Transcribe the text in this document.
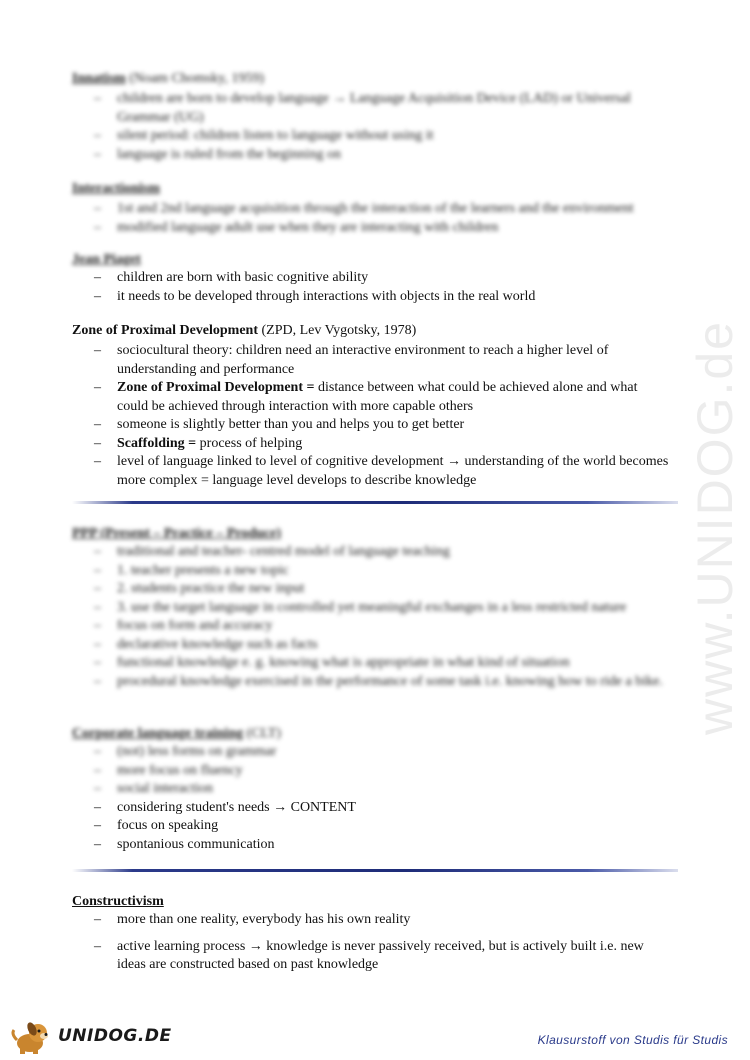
www.UNIDOG.de
Innatism (Noam Chomsky, 1959)
– children are born to develop language → Language Acquisition Device (LAD) or Universal Grammar (UG)
– silent period: children listen to language without using it
– language is ruled from the beginning on
Interactionism
– 1st and 2nd language acquisition through the interaction of the learners and the environment
– modified language adult use when they are interacting with children
Jean Piaget
– children are born with basic cognitive ability
– it needs to be developed through interactions with objects in the real world
Zone of Proximal Development (ZPD, Lev Vygotsky, 1978)
– sociocultural theory: children need an interactive environment to reach a higher level of understanding and performance
– Zone of Proximal Development = distance between what could be achieved alone and what could be achieved through interaction with more capable others
– someone is slightly better than you and helps you to get better
– Scaffolding = process of helping
– level of language linked to level of cognitive development → understanding of the world becomes more complex = language level develops to describe knowledge
PPP (Present – Practice – Produce)
– traditional and teacher- centred model of language teaching
– 1. teacher presents a new topic
– 2. students practice the new input
– 3. use the target language in controlled yet meaningful exchanges in a less restricted nature
– focus on form and accuracy
– declarative knowledge such as facts
– functional knowledge e. g. knowing what is appropriate in what kind of situation
– procedural knowledge exercised in the performance of some task i.e. knowing how to ride a bike.
Corporate language training (CLT)
– (not) less forms on grammar
– more focus on fluency
– social interaction
– considering student's needs → CONTENT
– focus on speaking
– spontanious communication
Constructivism
– more than one reality, everybody has his own reality
– active learning process → knowledge is never passively received, but is actively built i.e. new ideas are constructed based on past knowledge
UNIDOG.DE	Klausurstoff von Studis für Studis
